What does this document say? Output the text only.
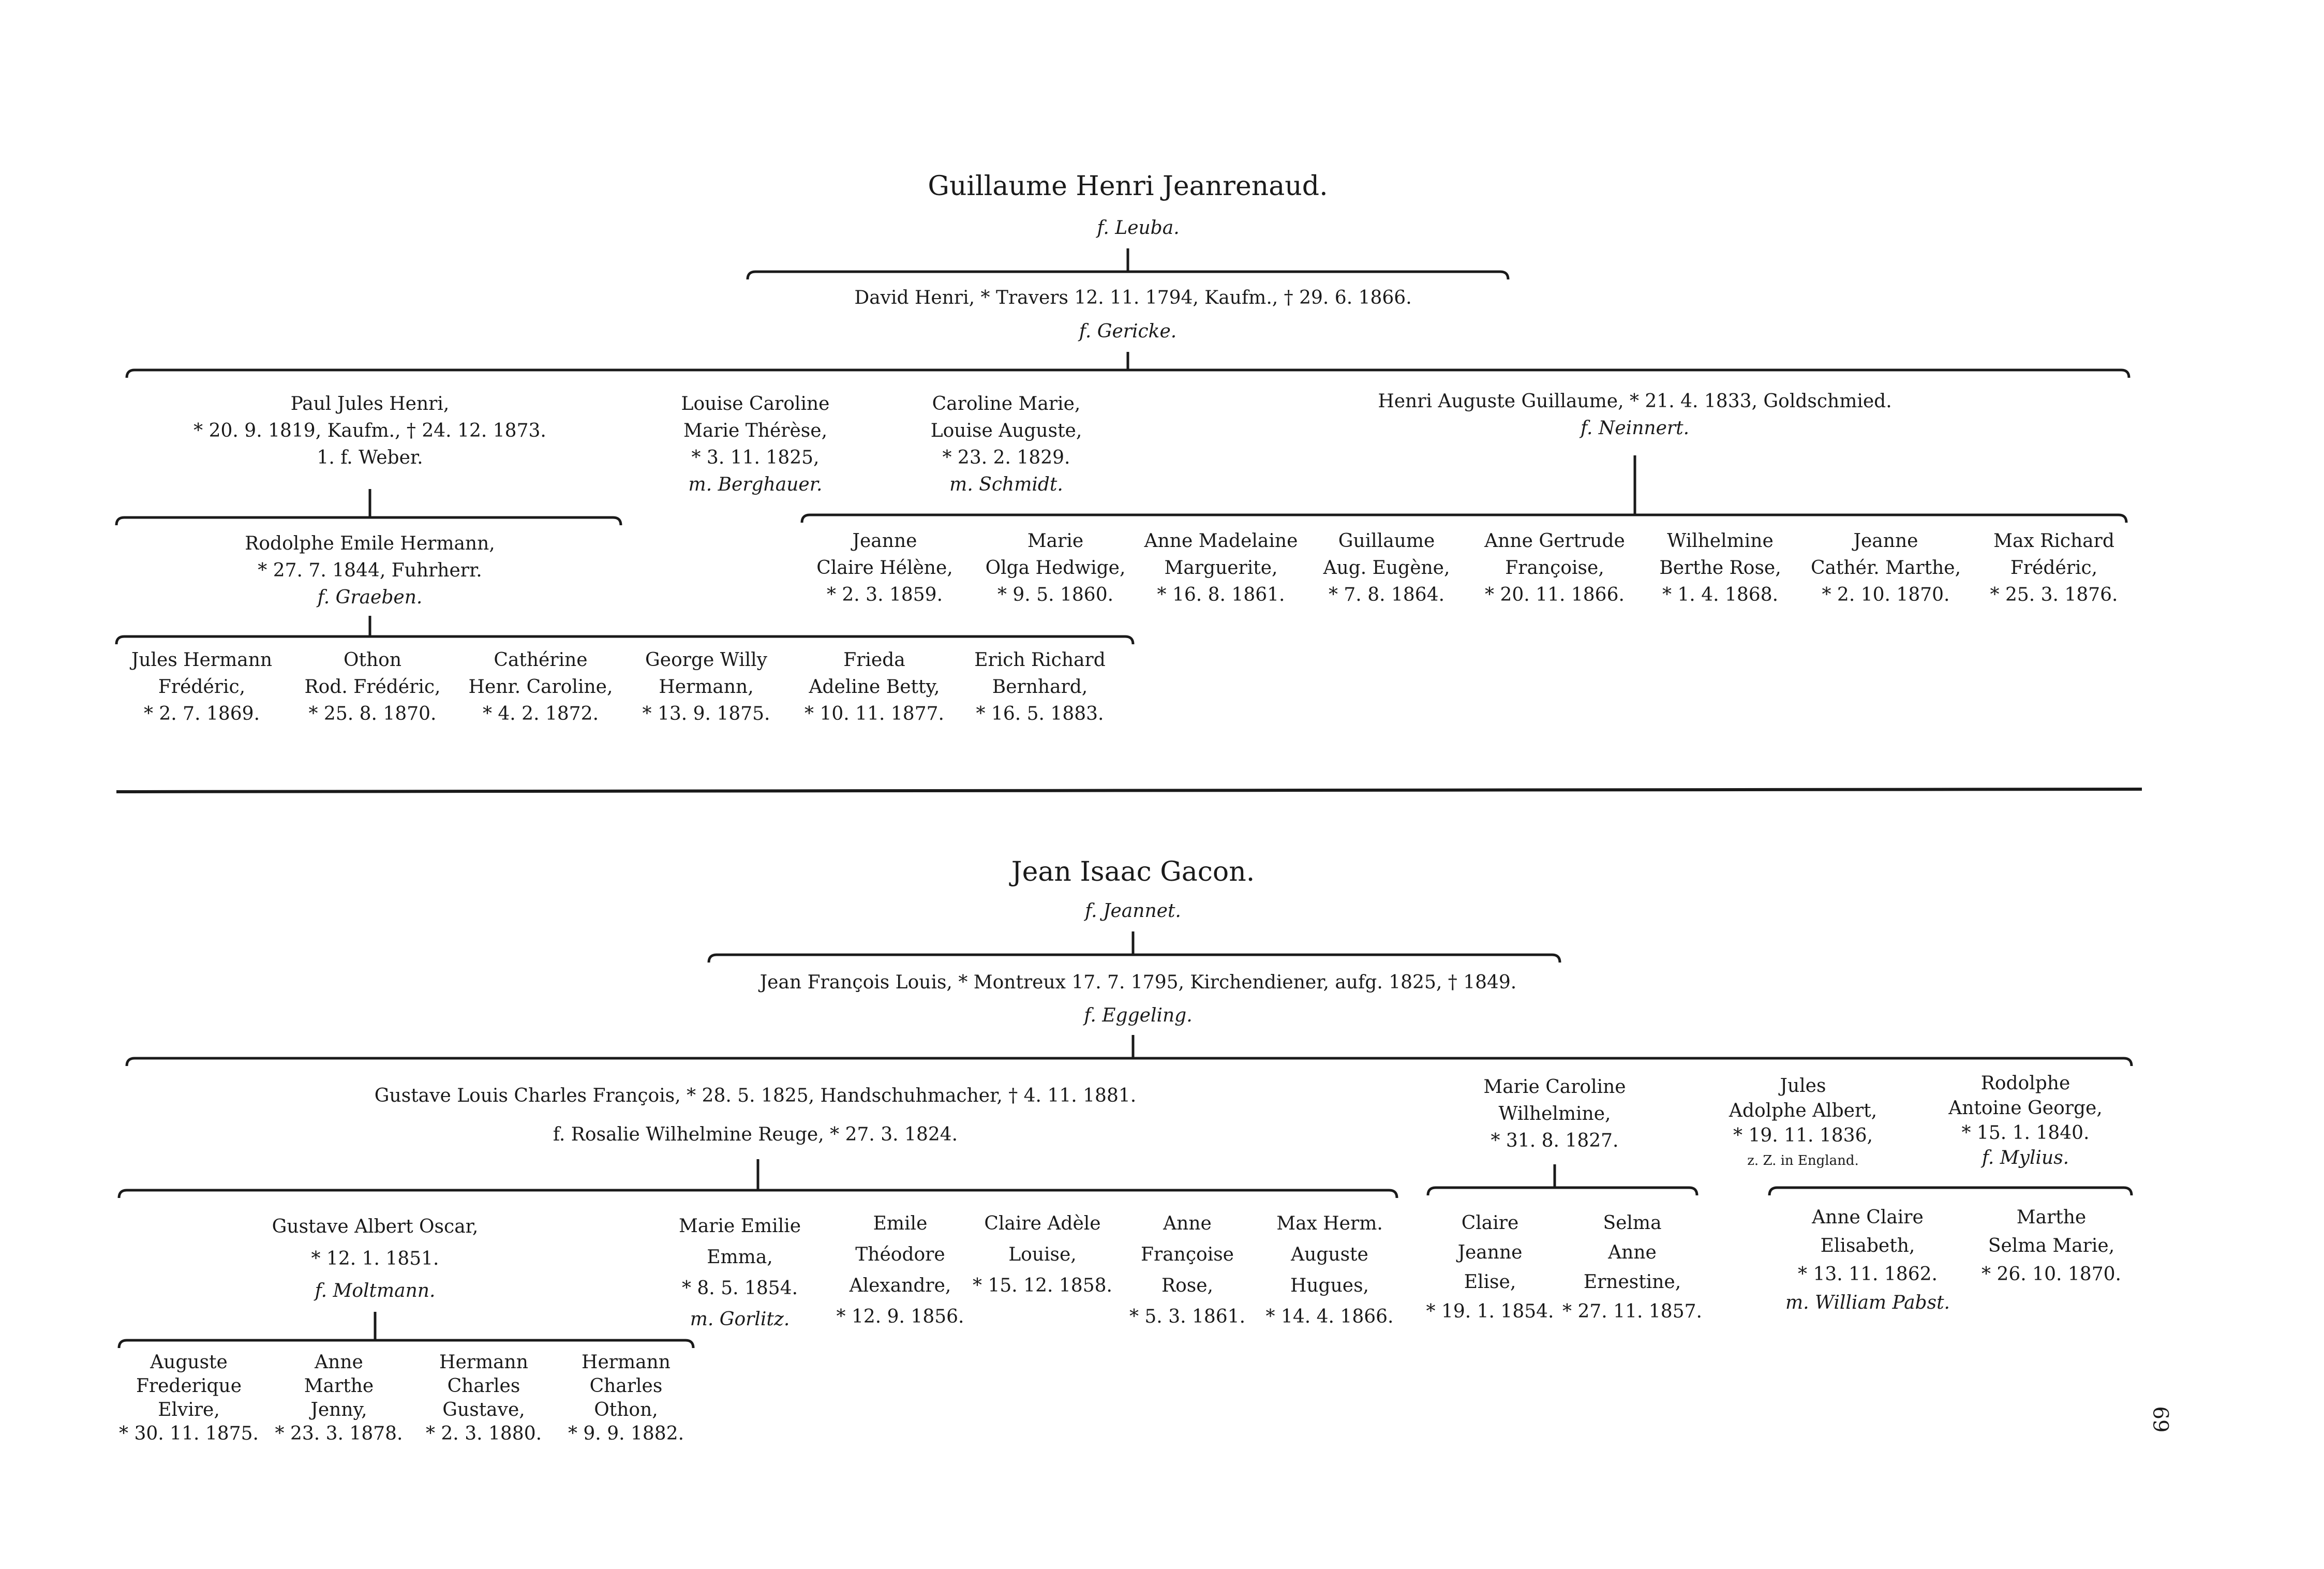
Guillaume Henri Jeanrenaud.
f. Leuba.
David Henri, * Travers 12. 11. 1794, Kaufm., † 29. 6. 1866.
f. Gericke.
Paul Jules Henri,
* 20. 9. 1819, Kaufm., † 24. 12. 1873.
1. f. Weber.
Louise Caroline
Marie Thérèse,
* 3. 11. 1825,
m. Berghauer.
Caroline Marie,
Louise Auguste,
* 23. 2. 1829.
m. Schmidt.
Henri Auguste Guillaume, * 21. 4. 1833, Goldschmied.
f. Neinnert.
Rodolphe Emile Hermann,
* 27. 7. 1844, Fuhrherr.
f. Graeben.
Jules Hermann
Frédéric,
* 2. 7. 1869.
Othon
Rod. Frédéric,
* 25. 8. 1870.
Cathérine
Henr. Caroline,
* 4. 2. 1872.
George Willy
Hermann,
* 13. 9. 1875.
Frieda
Adeline Betty,
* 10. 11. 1877.
Erich Richard
Bernhard,
* 16. 5. 1883.
Jeanne
Claire Hélène,
* 2. 3. 1859.
Marie
Olga Hedwige,
* 9. 5. 1860.
Anne Madelaine
Marguerite,
* 16. 8. 1861.
Guillaume
Aug. Eugène,
* 7. 8. 1864.
Anne Gertrude
Françoise,
* 20. 11. 1866.
Wilhelmine
Berthe Rose,
* 1. 4. 1868.
Jeanne
Cathér. Marthe,
* 2. 10. 1870.
Max Richard
Frédéric,
* 25. 3. 1876.
Jean Isaac Gacon.
f. Jeannet.
Jean François Louis, * Montreux 17. 7. 1795, Kirchendiener, aufg. 1825, † 1849.
f. Eggeling.
Gustave Louis Charles François, * 28. 5. 1825, Handschuhmacher, † 4. 11. 1881.
f. Rosalie Wilhelmine Reuge, * 27. 3. 1824.
Marie Caroline
Wilhelmine,
* 31. 8. 1827.
Jules
Adolphe Albert,
* 19. 11. 1836,
z. Z. in England.
Rodolphe
Antoine George,
* 15. 1. 1840.
f. Mylius.
Gustave Albert Oscar,
* 12. 1. 1851.
f. Moltmann.
Marie Emilie
Emma,
* 8. 5. 1854.
m. Gorlitz.
Emile
Théodore
Alexandre,
* 12. 9. 1856.
Claire Adèle
Louise,
* 15. 12. 1858.
Anne
Françoise
Rose,
* 5. 3. 1861.
Max Herm.
Auguste
Hugues,
* 14. 4. 1866.
Claire
Jeanne
Elise,
* 19. 1. 1854.
Selma
Anne
Ernestine,
* 27. 11. 1857.
Anne Claire
Elisabeth,
* 13. 11. 1862.
m. William Pabst.
Marthe
Selma Marie,
* 26. 10. 1870.
Auguste
Frederique
Elvire,
* 30. 11. 1875.
Anne
Marthe
Jenny,
* 23. 3. 1878.
Hermann
Charles
Gustave,
* 2. 3. 1880.
Hermann
Charles
Othon,
* 9. 9. 1882.
69
